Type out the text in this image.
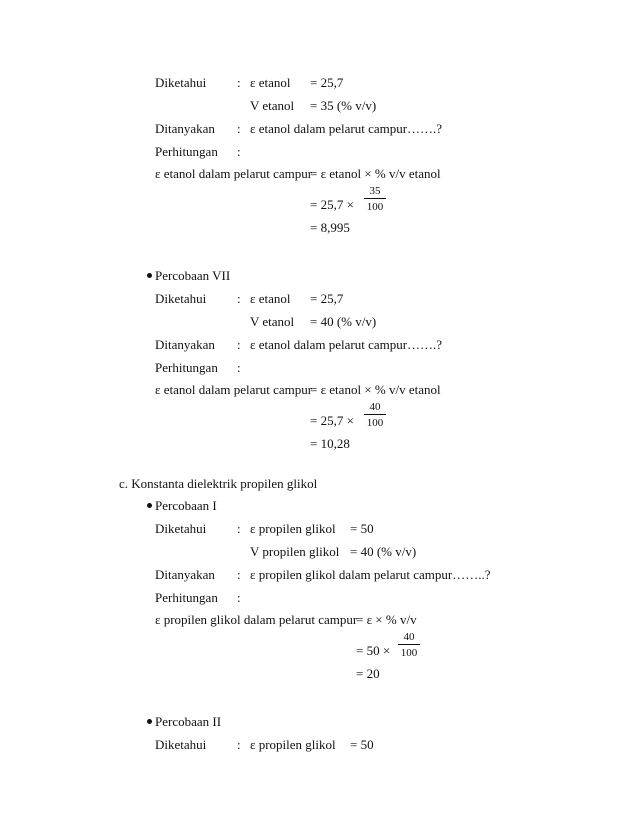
Diketahui : ε etanol = 25,7
V etanol = 35 (% v/v)
Ditanyakan : ε etanol dalam pelarut campur…….?
Perhitungan :
ε etanol dalam pelarut campur
= ε etanol × % v/v etanol
= 25,7 ×
35
100
= 8,995
Percobaan VII
Diketahui : ε etanol = 25,7
V etanol = 40 (% v/v)
Ditanyakan : ε etanol dalam pelarut campur…….?
Perhitungan :
ε etanol dalam pelarut campur
= ε etanol × % v/v etanol
= 25,7 ×
40
100
= 10,28
c. Konstanta dielektrik propilen glikol
Percobaan I
Diketahui : ε propilen glikol = 50
V propilen glikol = 40 (% v/v)
Ditanyakan : ε propilen glikol dalam pelarut campur……..?
Perhitungan :
ε propilen glikol dalam pelarut campur
= ε × % v/v
= 50 ×
40
100
= 20
Percobaan II
Diketahui : ε propilen glikol = 50
